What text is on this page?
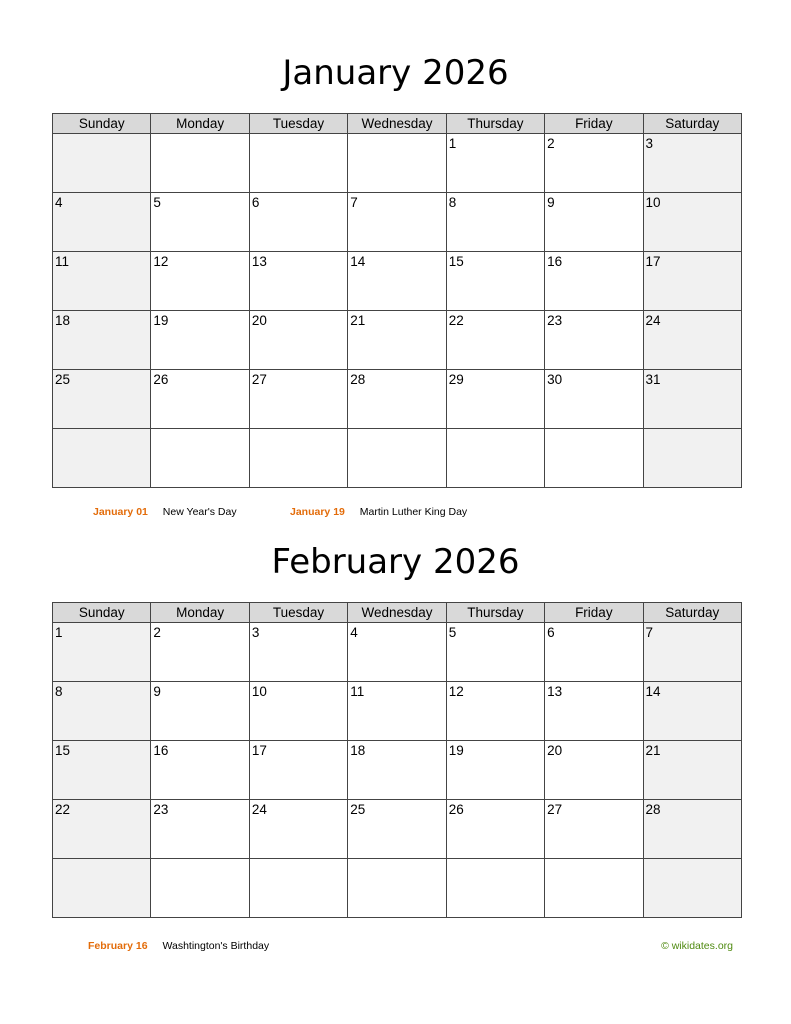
January 2026
Sunday	Monday	Tuesday	Wednesday	Thursday	Friday	Saturday
				1	2	3
4	5	6	7	8	9	10
11	12	13	14	15	16	17
18	19	20	21	22	23	24
25	26	27	28	29	30	31

January 01 New Year's Day	January 19 Martin Luther King Day
February 2026
Sunday	Monday	Tuesday	Wednesday	Thursday	Friday	Saturday
1	2	3	4	5	6	7
8	9	10	11	12	13	14
15	16	17	18	19	20	21
22	23	24	25	26	27	28

February 16 Washtington's Birthday	© wikidates.org
